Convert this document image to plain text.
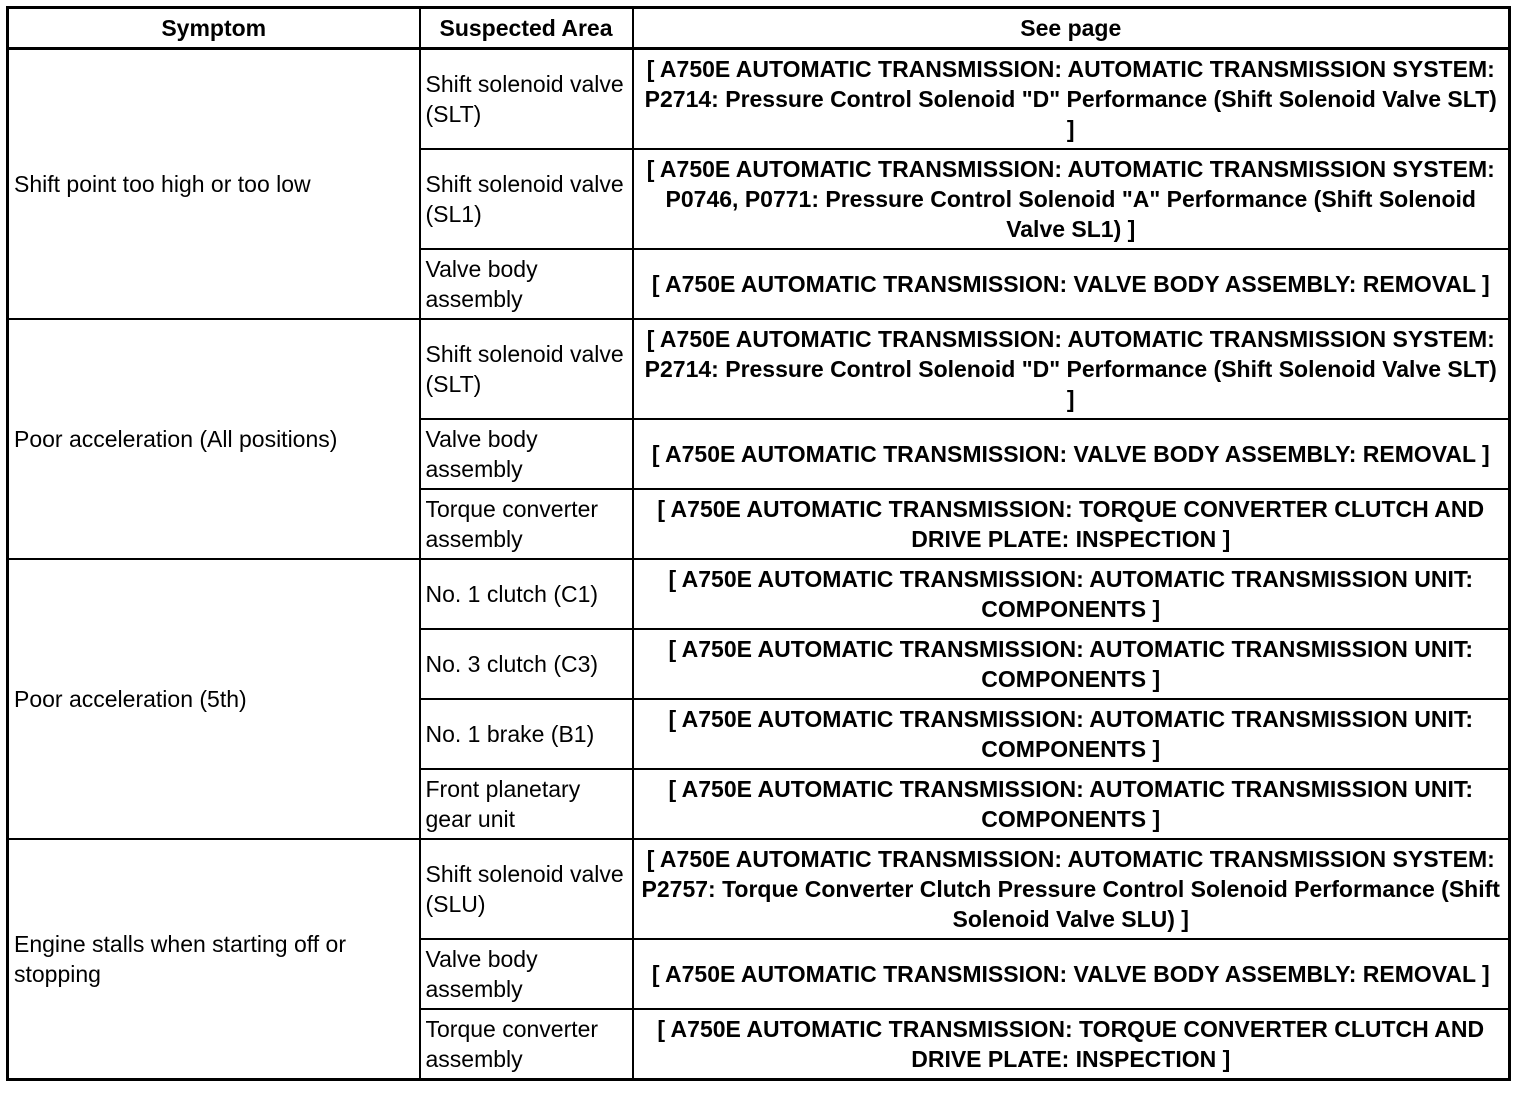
Symptom	Suspected Area	See page
Shift point too high or too low	Shift solenoid valve (SLT)	[ A750E AUTOMATIC TRANSMISSION: AUTOMATIC TRANSMISSION SYSTEM: P2714: Pressure Control Solenoid "D" Performance (Shift Solenoid Valve SLT) ]
	Shift solenoid valve (SL1)	[ A750E AUTOMATIC TRANSMISSION: AUTOMATIC TRANSMISSION SYSTEM: P0746, P0771: Pressure Control Solenoid "A" Performance (Shift Solenoid Valve SL1) ]
	Valve body assembly	[ A750E AUTOMATIC TRANSMISSION: VALVE BODY ASSEMBLY: REMOVAL ]
Poor acceleration (All positions)	Shift solenoid valve (SLT)	[ A750E AUTOMATIC TRANSMISSION: AUTOMATIC TRANSMISSION SYSTEM: P2714: Pressure Control Solenoid "D" Performance (Shift Solenoid Valve SLT) ]
	Valve body assembly	[ A750E AUTOMATIC TRANSMISSION: VALVE BODY ASSEMBLY: REMOVAL ]
	Torque converter assembly	[ A750E AUTOMATIC TRANSMISSION: TORQUE CONVERTER CLUTCH AND DRIVE PLATE: INSPECTION ]
Poor acceleration (5th)	No. 1 clutch (C1)	[ A750E AUTOMATIC TRANSMISSION: AUTOMATIC TRANSMISSION UNIT: COMPONENTS ]
	No. 3 clutch (C3)	[ A750E AUTOMATIC TRANSMISSION: AUTOMATIC TRANSMISSION UNIT: COMPONENTS ]
	No. 1 brake (B1)	[ A750E AUTOMATIC TRANSMISSION: AUTOMATIC TRANSMISSION UNIT: COMPONENTS ]
	Front planetary gear unit	[ A750E AUTOMATIC TRANSMISSION: AUTOMATIC TRANSMISSION UNIT: COMPONENTS ]
Engine stalls when starting off or stopping	Shift solenoid valve (SLU)	[ A750E AUTOMATIC TRANSMISSION: AUTOMATIC TRANSMISSION SYSTEM: P2757: Torque Converter Clutch Pressure Control Solenoid Performance (Shift Solenoid Valve SLU) ]
	Valve body assembly	[ A750E AUTOMATIC TRANSMISSION: VALVE BODY ASSEMBLY: REMOVAL ]
	Torque converter assembly	[ A750E AUTOMATIC TRANSMISSION: TORQUE CONVERTER CLUTCH AND DRIVE PLATE: INSPECTION ]
